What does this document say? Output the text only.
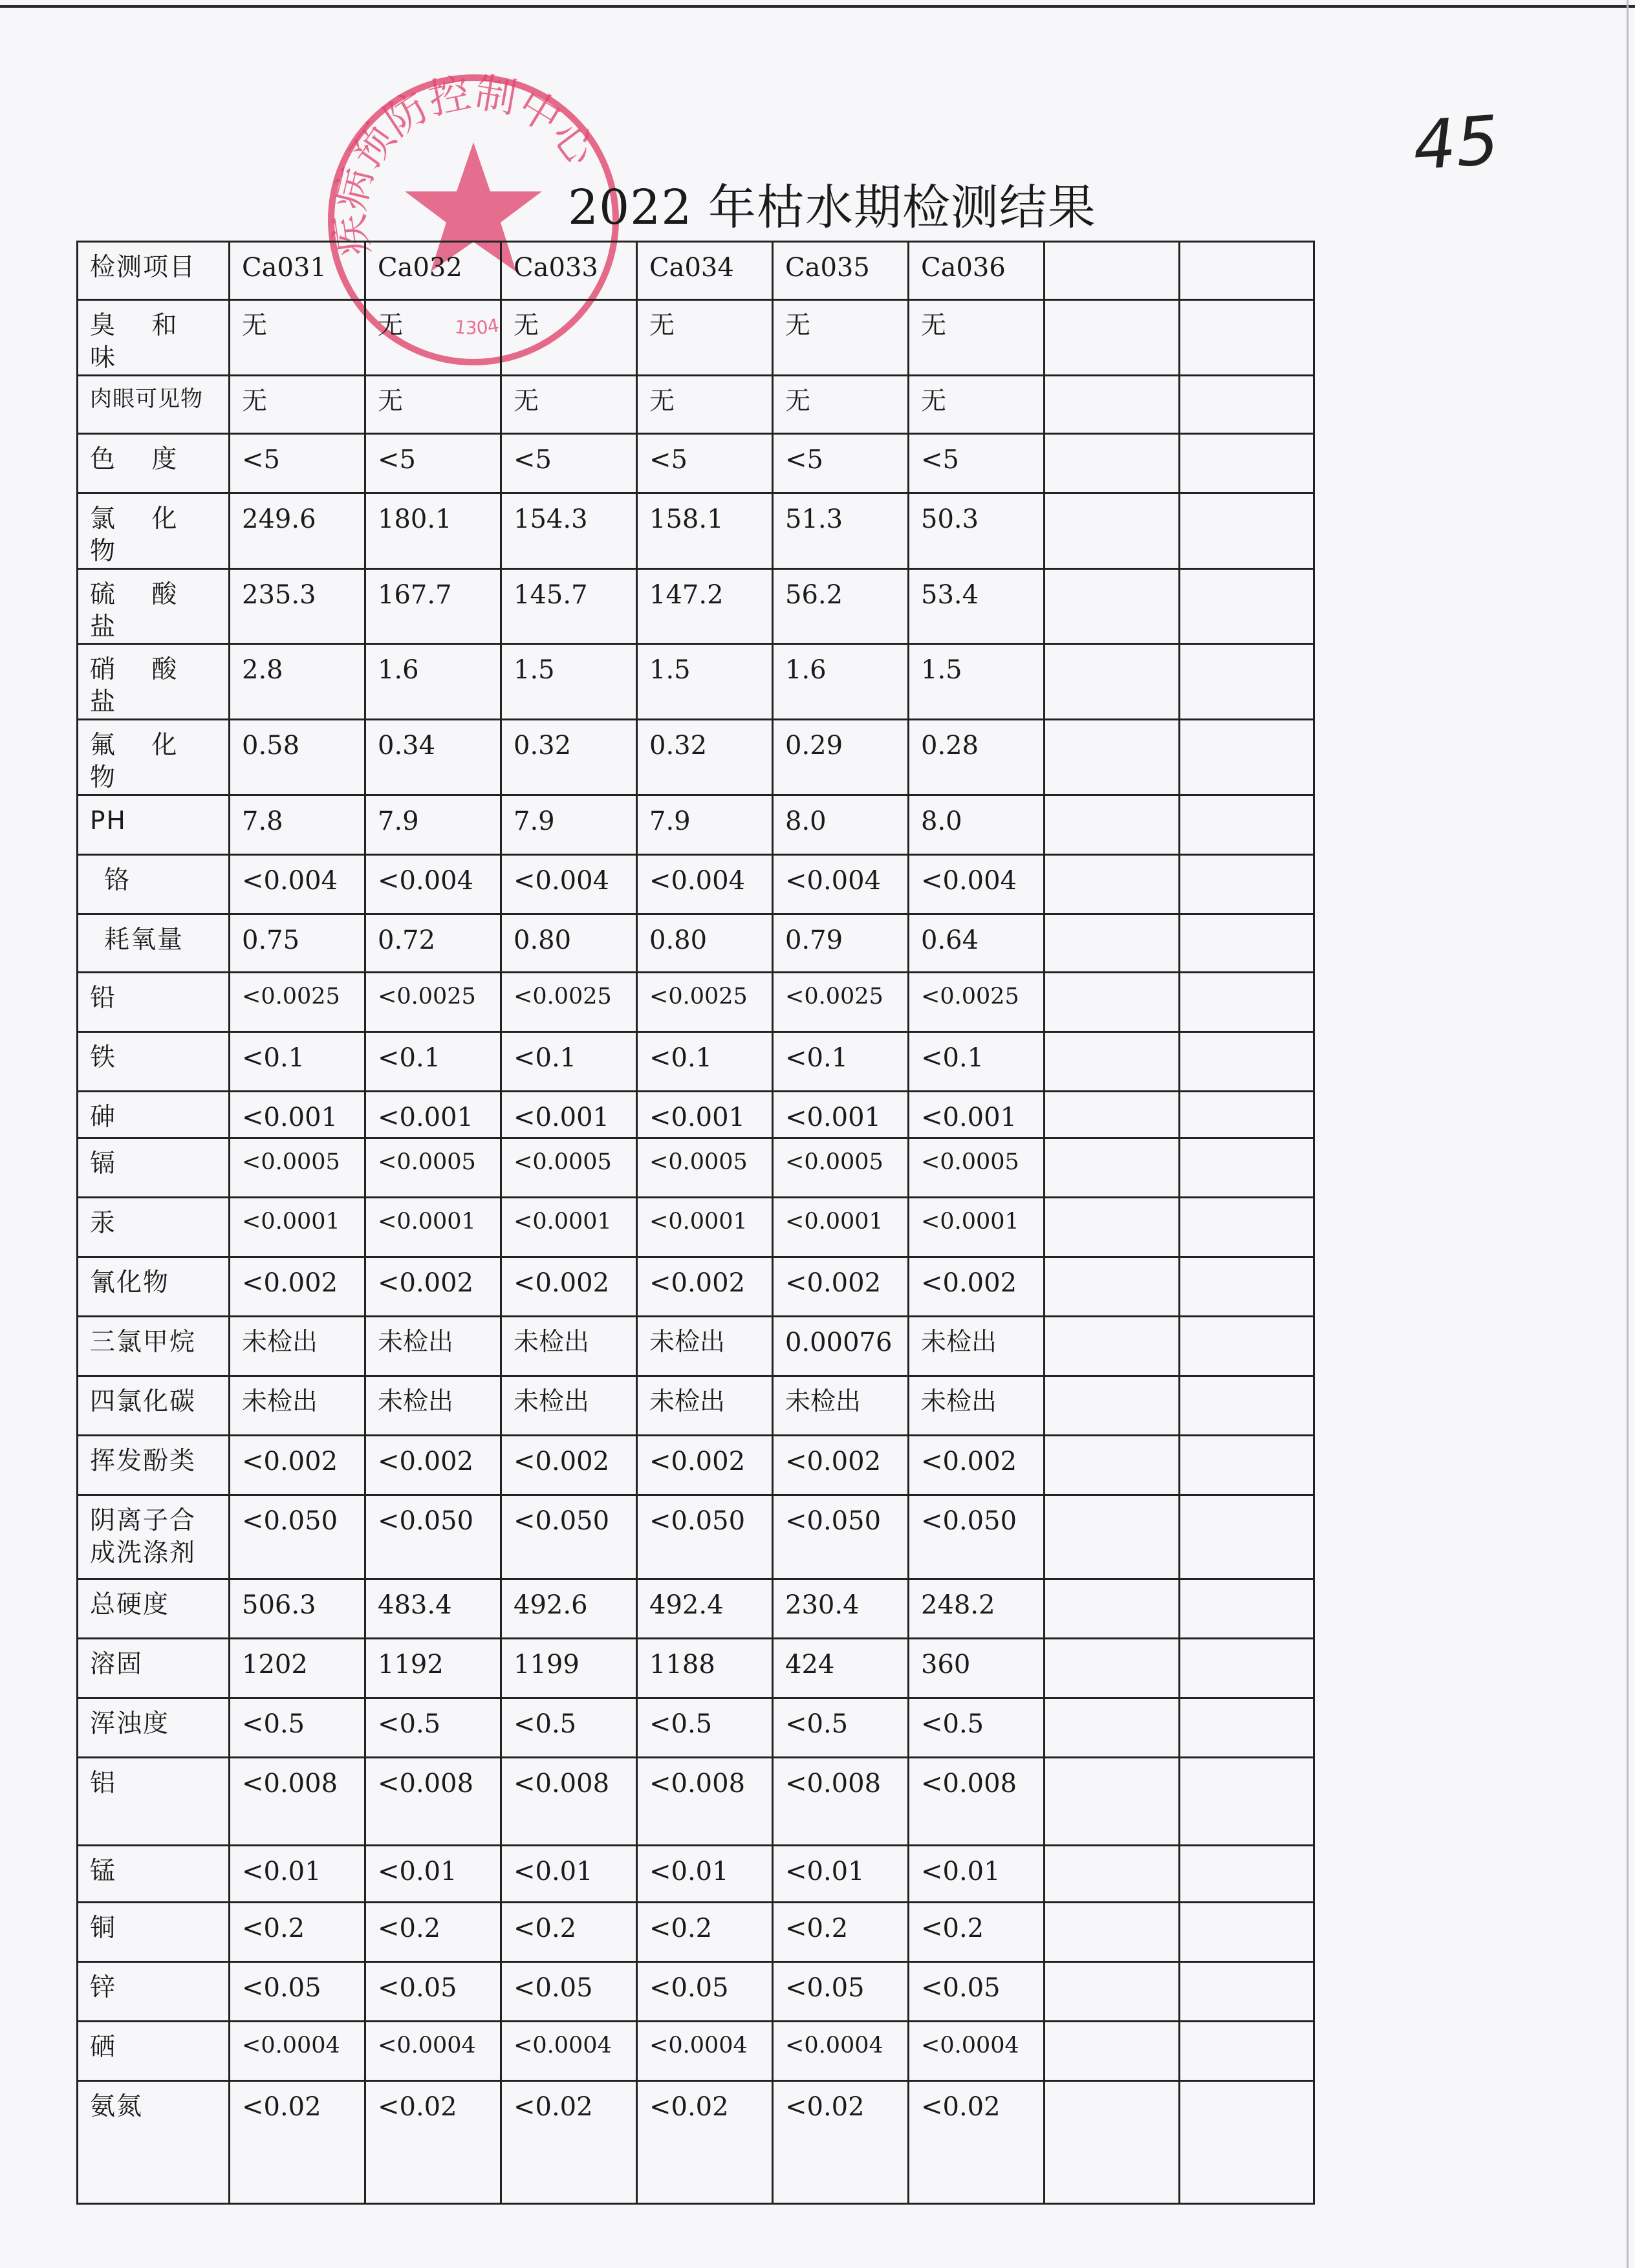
疾病预防控制中心
1304
2022 年枯水期检测结果
45
检测项目	Ca031	Ca032	Ca033	Ca034	Ca035	Ca036		
臭 和 味	无	无	无	无	无	无		
肉眼可见物	无	无	无	无	无	无		
色 度	<5	<5	<5	<5	<5	<5		
氯 化 物	249.6	180.1	154.3	158.1	51.3	50.3		
硫 酸 盐	235.3	167.7	145.7	147.2	56.2	53.4		
硝 酸 盐	2.8	1.6	1.5	1.5	1.6	1.5		
氟 化 物	0.58	0.34	0.32	0.32	0.29	0.28		
PH	7.8	7.9	7.9	7.9	8.0	8.0		
铬	<0.004	<0.004	<0.004	<0.004	<0.004	<0.004		
耗氧量	0.75	0.72	0.80	0.80	0.79	0.64		
铅	<0.0025	<0.0025	<0.0025	<0.0025	<0.0025	<0.0025		
铁	<0.1	<0.1	<0.1	<0.1	<0.1	<0.1		
砷	<0.001	<0.001	<0.001	<0.001	<0.001	<0.001		
镉	<0.0005	<0.0005	<0.0005	<0.0005	<0.0005	<0.0005		
汞	<0.0001	<0.0001	<0.0001	<0.0001	<0.0001	<0.0001		
氰化物	<0.002	<0.002	<0.002	<0.002	<0.002	<0.002		
三氯甲烷	未检出	未检出	未检出	未检出	0.00076	未检出		
四氯化碳	未检出	未检出	未检出	未检出	未检出	未检出		
挥发酚类	<0.002	<0.002	<0.002	<0.002	<0.002	<0.002		
阴离子合成洗涤剂	<0.050	<0.050	<0.050	<0.050	<0.050	<0.050		
总硬度	506.3	483.4	492.6	492.4	230.4	248.2		
溶固	1202	1192	1199	1188	424	360		
浑浊度	<0.5	<0.5	<0.5	<0.5	<0.5	<0.5		
铝	<0.008	<0.008	<0.008	<0.008	<0.008	<0.008		
锰	<0.01	<0.01	<0.01	<0.01	<0.01	<0.01		
铜	<0.2	<0.2	<0.2	<0.2	<0.2	<0.2		
锌	<0.05	<0.05	<0.05	<0.05	<0.05	<0.05		
硒	<0.0004	<0.0004	<0.0004	<0.0004	<0.0004	<0.0004		
氨氮	<0.02	<0.02	<0.02	<0.02	<0.02	<0.02		
